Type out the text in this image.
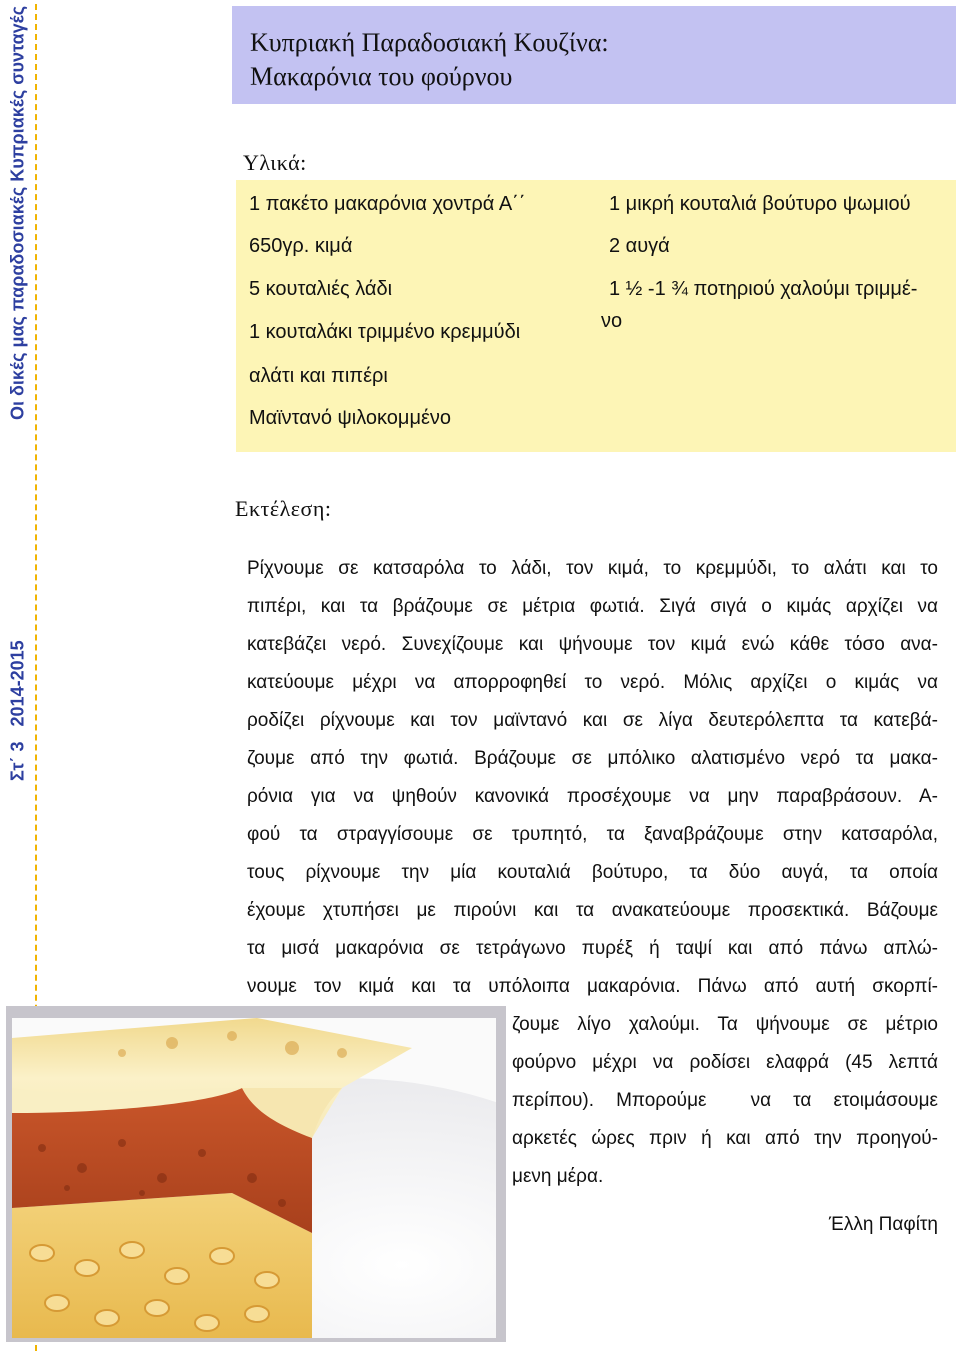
Οι δικές μας παραδοσιακές Κυπριακές συνταγές
Στ΄ 3   2014-2015
Κυπριακή Παραδοσιακή Κουζίνα:
Μακαρόνια του φούρνου
Υλικά:
1 πακέτο μακαρόνια χοντρά Α΄΄
650γρ. κιμά
5 κουταλιές λάδι
1 κουταλάκι τριμμένο κρεμμύδι
αλάτι και πιπέρι
Μαϊντανό ψιλοκομμένο
1 μικρή κουταλιά βούτυρο ψωμιού
2 αυγά
1 ½ -1 ¾ ποτηριού χαλούμι τριμμέ-
νο
Εκτέλεση:
Ρίχνουμε σε κατσαρόλα το λάδι, τον κιμά, το κρεμμύδι, το αλάτι και το
πιπέρι, και τα βράζουμε σε μέτρια φωτιά. Σιγά σιγά ο κιμάς αρχίζει να
κατεβάζει νερό. Συνεχίζουμε και ψήνουμε τον κιμά ενώ κάθε τόσο ανα-
κατεύουμε μέχρι να απορροφηθεί το νερό. Μόλις αρχίζει ο κιμάς να
ροδίζει ρίχνουμε και τον μαϊντανό και σε λίγα δευτερόλεπτα τα κατεβά-
ζουμε από την φωτιά. Βράζουμε σε μπόλικο αλατισμένο νερό τα μακα-
ρόνια για να ψηθούν κανονικά προσέχουμε να μην παραβράσουν. Α-
φού τα στραγγίσουμε σε τρυπητό, τα ξαναβράζουμε στην κατσαρόλα,
τους ρίχνουμε την μία κουταλιά βούτυρο, τα δύο αυγά, τα οποία
έχουμε χτυπήσει με πιρούνι και τα ανακατεύουμε προσεκτικά. Βάζουμε
τα μισά μακαρόνια σε τετράγωνο πυρέξ ή ταψί και από πάνω απλώ-
νουμε τον κιμά και τα υπόλοιπα μακαρόνια. Πάνω από αυτή σκορπί-
ζουμε λίγο χαλούμι. Τα ψήνουμε σε μέτριο
φούρνο μέχρι να ροδίσει ελαφρά (45 λεπτά
περίπου). Μπορούμε  να τα ετοιμάσουμε
αρκετές ώρες πριν ή και από την προηγού-
μενη μέρα.
Έλλη Παφίτη
